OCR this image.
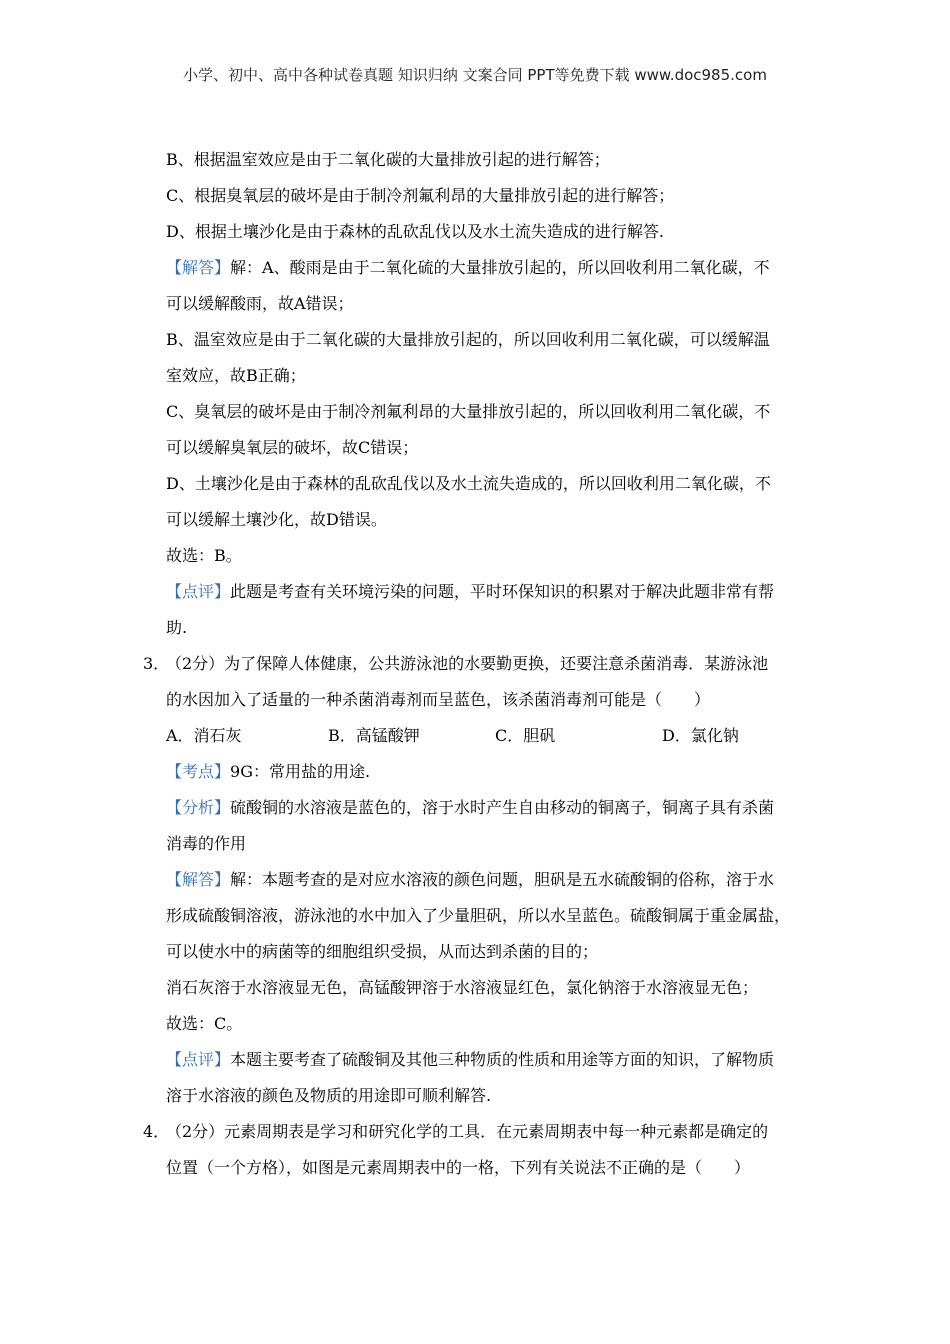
小学、初中、高中各种试卷真题 知识归纳 文案合同 PPT等免费下载 www.doc985.com
B、根据温室效应是由于二氧化碳的大量排放引起的进行解答；
C、根据臭氧层的破坏是由于制冷剂氟利昂的大量排放引起的进行解答；
D、根据土壤沙化是由于森林的乱砍乱伐以及水土流失造成的进行解答.
【解答】解：A、酸雨是由于二氧化硫的大量排放引起的，所以回收利用二氧化碳，不
可以缓解酸雨，故A错误；
B、温室效应是由于二氧化碳的大量排放引起的，所以回收利用二氧化碳，可以缓解温
室效应，故B正确；
C、臭氧层的破坏是由于制冷剂氟利昂的大量排放引起的，所以回收利用二氧化碳，不
可以缓解臭氧层的破坏，故C错误；
D、土壤沙化是由于森林的乱砍乱伐以及水土流失造成的，所以回收利用二氧化碳，不
可以缓解土壤沙化，故D错误。
故选：B。
【点评】此题是考查有关环境污染的问题，平时环保知识的积累对于解决此题非常有帮
助.
3．
（2分）为了保障人体健康，公共游泳池的水要勤更换，还要注意杀菌消毒．某游泳池
的水因加入了适量的一种杀菌消毒剂而呈蓝色，该杀菌消毒剂可能是（　　）
A．消石灰	B．高锰酸钾	C．胆矾	D．氯化钠
【考点】9G：常用盐的用途.
【分析】硫酸铜的水溶液是蓝色的，溶于水时产生自由移动的铜离子，铜离子具有杀菌
消毒的作用
【解答】解：本题考查的是对应水溶液的颜色问题，胆矾是五水硫酸铜的俗称，溶于水
形成硫酸铜溶液，游泳池的水中加入了少量胆矾，所以水呈蓝色。硫酸铜属于重金属盐，
可以使水中的病菌等的细胞组织受损，从而达到杀菌的目的；
消石灰溶于水溶液显无色，高锰酸钾溶于水溶液显红色，氯化钠溶于水溶液显无色；
故选：C。
【点评】本题主要考查了硫酸铜及其他三种物质的性质和用途等方面的知识，了解物质
溶于水溶液的颜色及物质的用途即可顺利解答.
4．
（2分）元素周期表是学习和研究化学的工具．在元素周期表中每一种元素都是确定的
位置（一个方格），如图是元素周期表中的一格，下列有关说法不正确的是（　　）
